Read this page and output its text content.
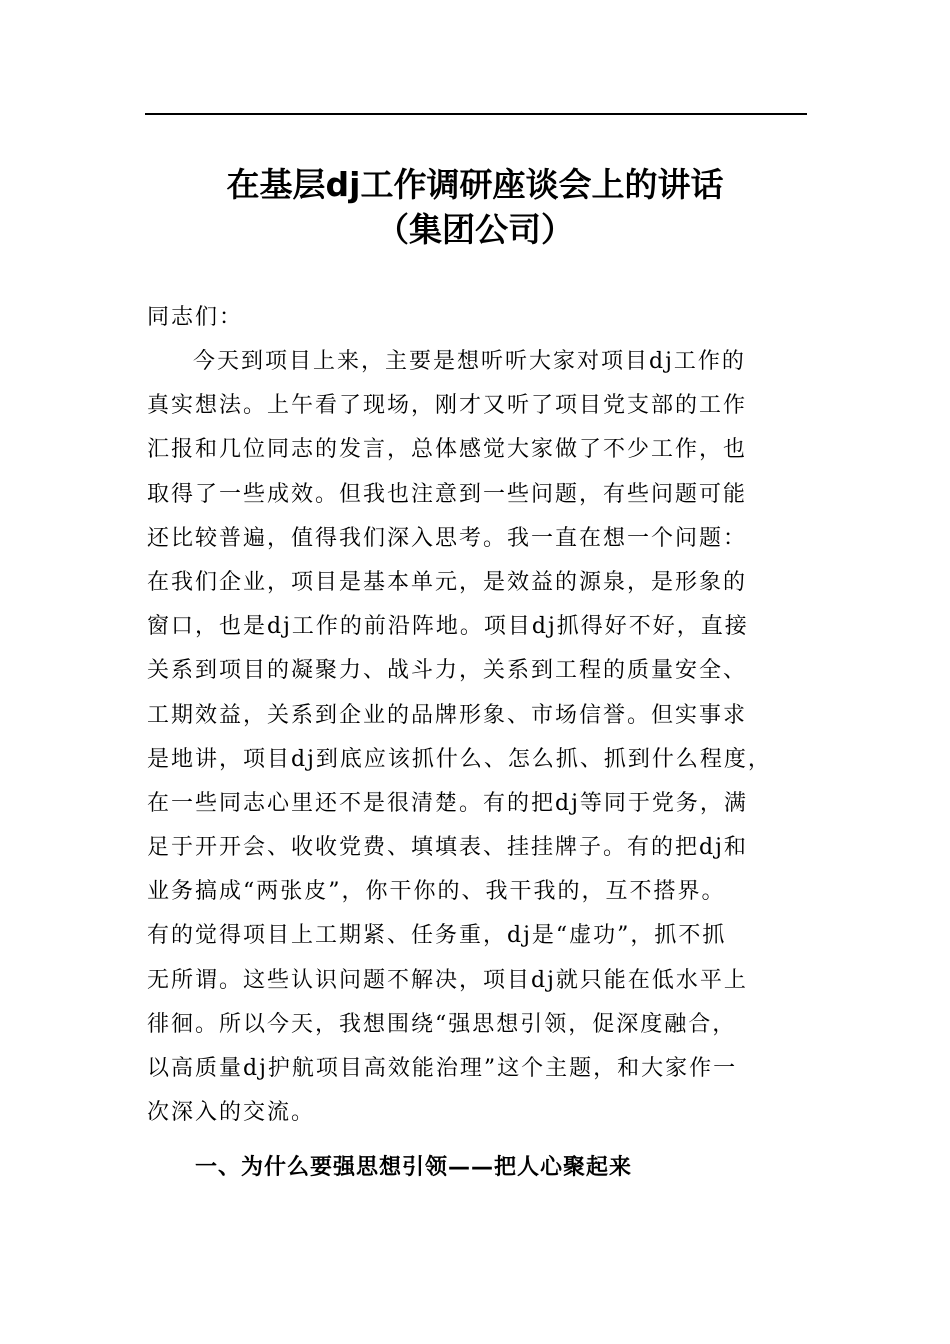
在基层dj工作调研座谈会上的讲话
（集团公司）
同志们：
今天到项目上来，主要是想听听大家对项目dj工作的
真实想法。上午看了现场，刚才又听了项目党支部的工作
汇报和几位同志的发言，总体感觉大家做了不少工作，也
取得了一些成效。但我也注意到一些问题，有些问题可能
还比较普遍，值得我们深入思考。我一直在想一个问题：
在我们企业，项目是基本单元，是效益的源泉，是形象的
窗口，也是dj工作的前沿阵地。项目dj抓得好不好，直接
关系到项目的凝聚力、战斗力，关系到工程的质量安全、
工期效益，关系到企业的品牌形象、市场信誉。但实事求
是地讲，项目dj到底应该抓什么、怎么抓、抓到什么程度，
在一些同志心里还不是很清楚。有的把dj等同于党务，满
足于开开会、收收党费、填填表、挂挂牌子。有的把dj和
业务搞成“两张皮”，你干你的、我干我的，互不搭界。
有的觉得项目上工期紧、任务重，dj是“虚功”，抓不抓
无所谓。这些认识问题不解决，项目dj就只能在低水平上
徘徊。所以今天，我想围绕“强思想引领，促深度融合，
以高质量dj护航项目高效能治理”这个主题，和大家作一
次深入的交流。
一、为什么要强思想引领——把人心聚起来
